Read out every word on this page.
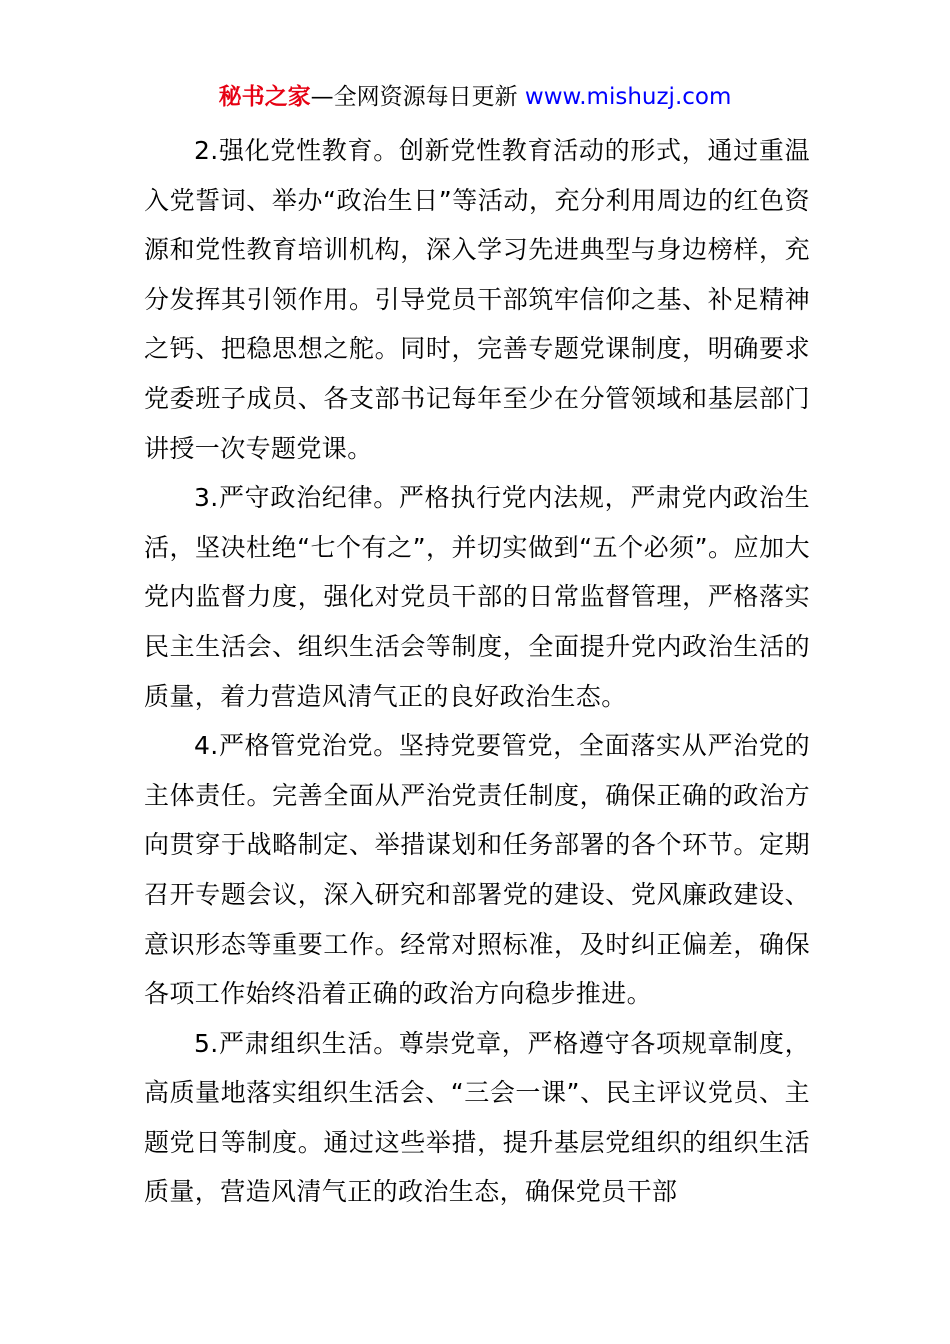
秘书之家—全网资源每日更新 www.mishuzj.com

2.强化党性教育。创新党性教育活动的形式，通过重温入党誓词、举办“政治生日”等活动，充分利用周边的红色资源和党性教育培训机构，深入学习先进典型与身边榜样，充分发挥其引领作用。引导党员干部筑牢信仰之基、补足精神之钙、把稳思想之舵。同时，完善专题党课制度，明确要求党委班子成员、各支部书记每年至少在分管领域和基层部门讲授一次专题党课。

3.严守政治纪律。严格执行党内法规，严肃党内政治生活，坚决杜绝“七个有之”，并切实做到“五个必须”。应加大党内监督力度，强化对党员干部的日常监督管理，严格落实民主生活会、组织生活会等制度，全面提升党内政治生活的质量，着力营造风清气正的良好政治生态。

4.严格管党治党。坚持党要管党，全面落实从严治党的主体责任。完善全面从严治党责任制度，确保正确的政治方向贯穿于战略制定、举措谋划和任务部署的各个环节。定期召开专题会议，深入研究和部署党的建设、党风廉政建设、意识形态等重要工作。经常对照标准，及时纠正偏差，确保各项工作始终沿着正确的政治方向稳步推进。

5.严肃组织生活。尊崇党章，严格遵守各项规章制度，高质量地落实组织生活会、“三会一课”、民主评议党员、主题党日等制度。通过这些举措，提升基层党组织的组织生活质量，营造风清气正的政治生态，确保党员干部
